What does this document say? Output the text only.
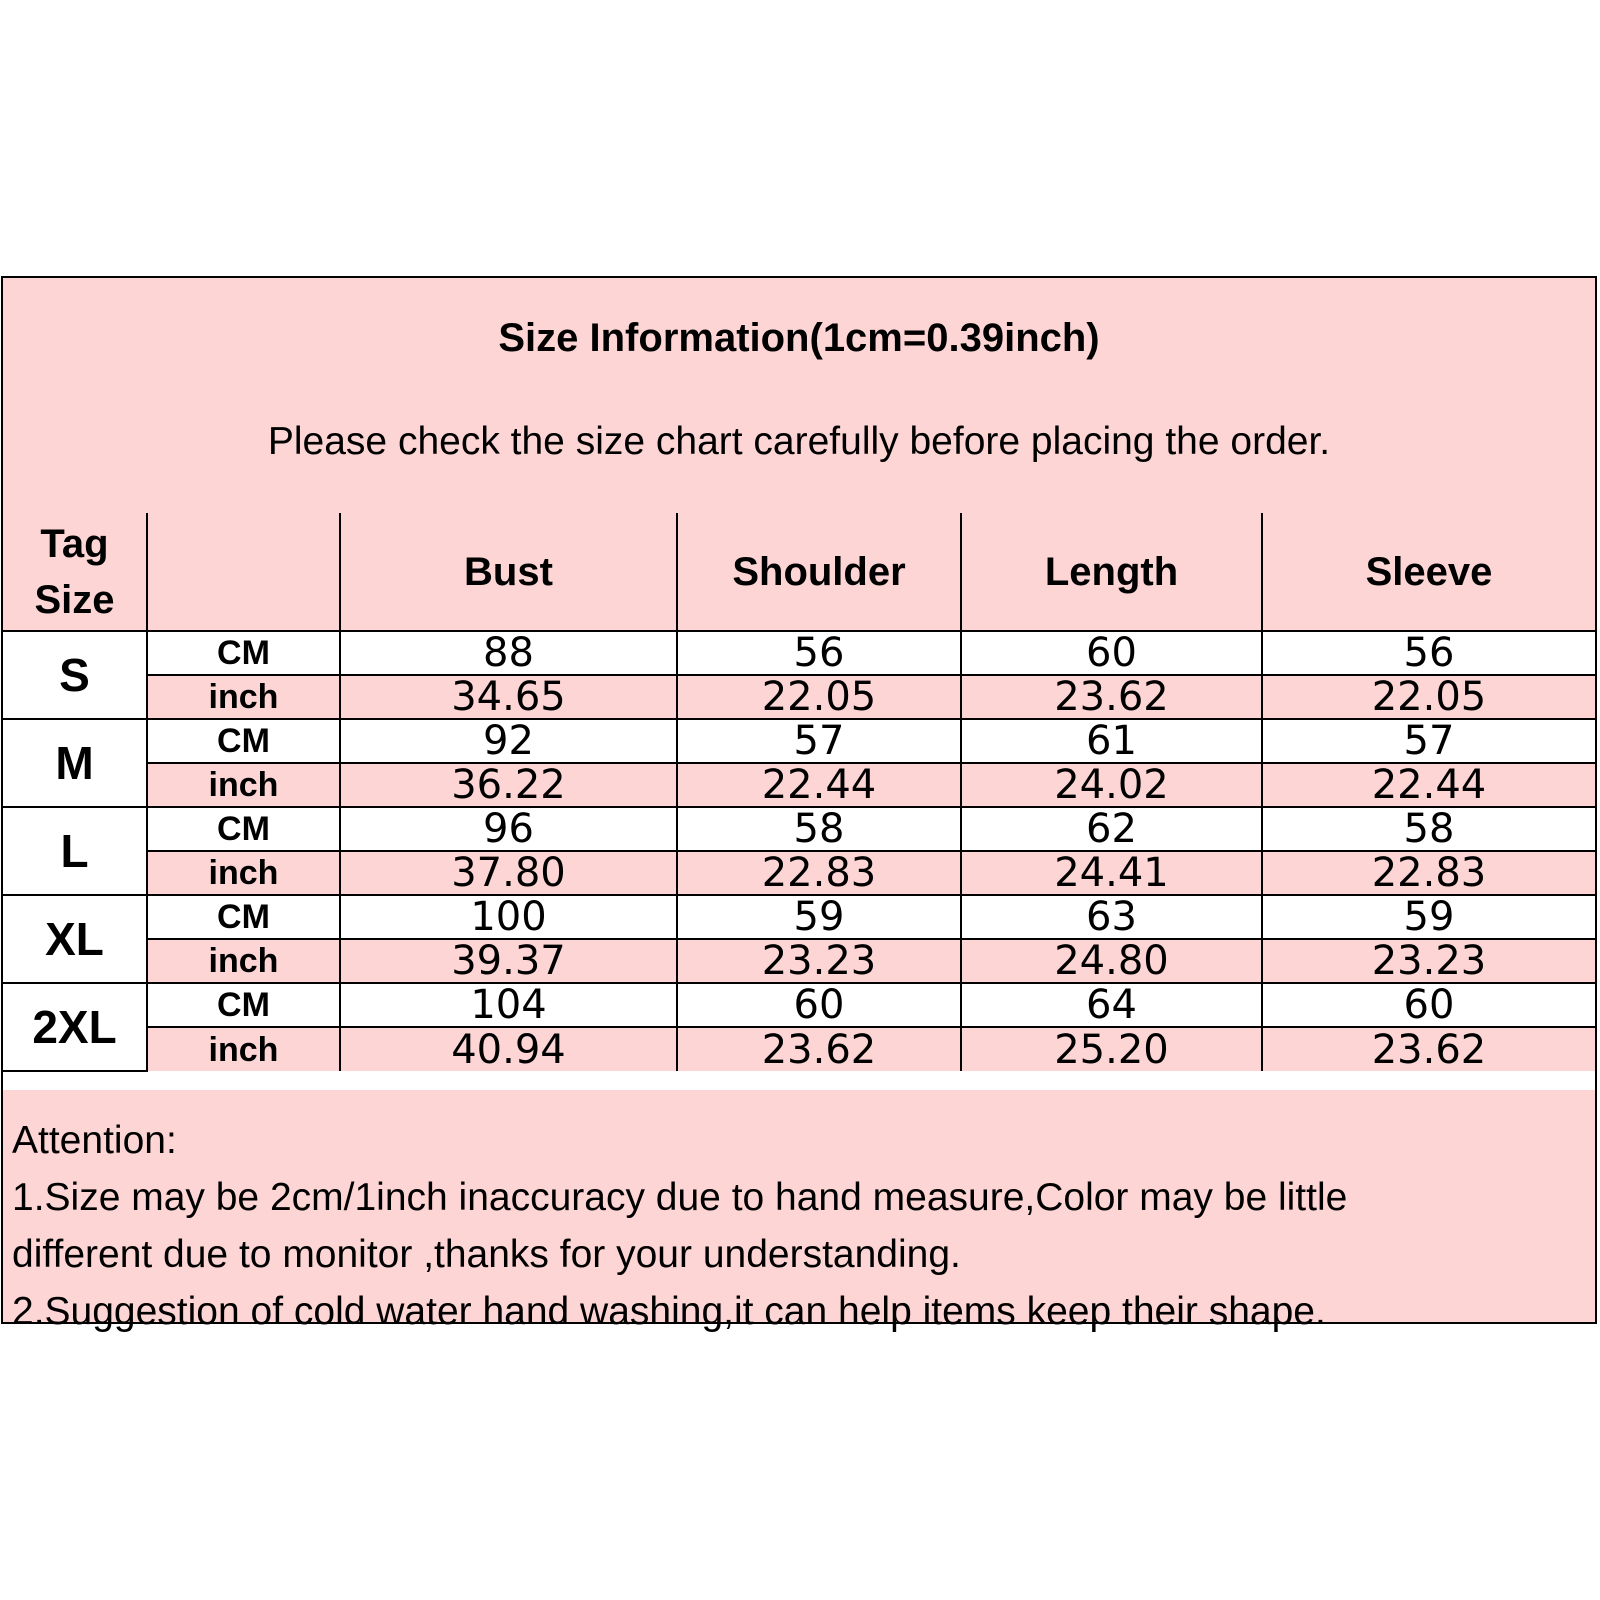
Size Information(1cm=0.39inch)
Please check the size chart carefully before placing the order.
Tag
Size		Bust	Shoulder	Length	Sleeve
S	CM	88	56	60	56
	inch	34.65	22.05	23.62	22.05
M	CM	92	57	61	57
	inch	36.22	22.44	24.02	22.44
L	CM	96	58	62	58
	inch	37.80	22.83	24.41	22.83
XL	CM	100	59	63	59
	inch	39.37	23.23	24.80	23.23
2XL	CM	104	60	64	60
	inch	40.94	23.62	25.20	23.62
Attention:
1.Size may be 2cm/1inch inaccuracy due to hand measure,Color may be little
different due to monitor ,thanks for your understanding.
2.Suggestion of cold water hand washing,it can help items keep their shape.
